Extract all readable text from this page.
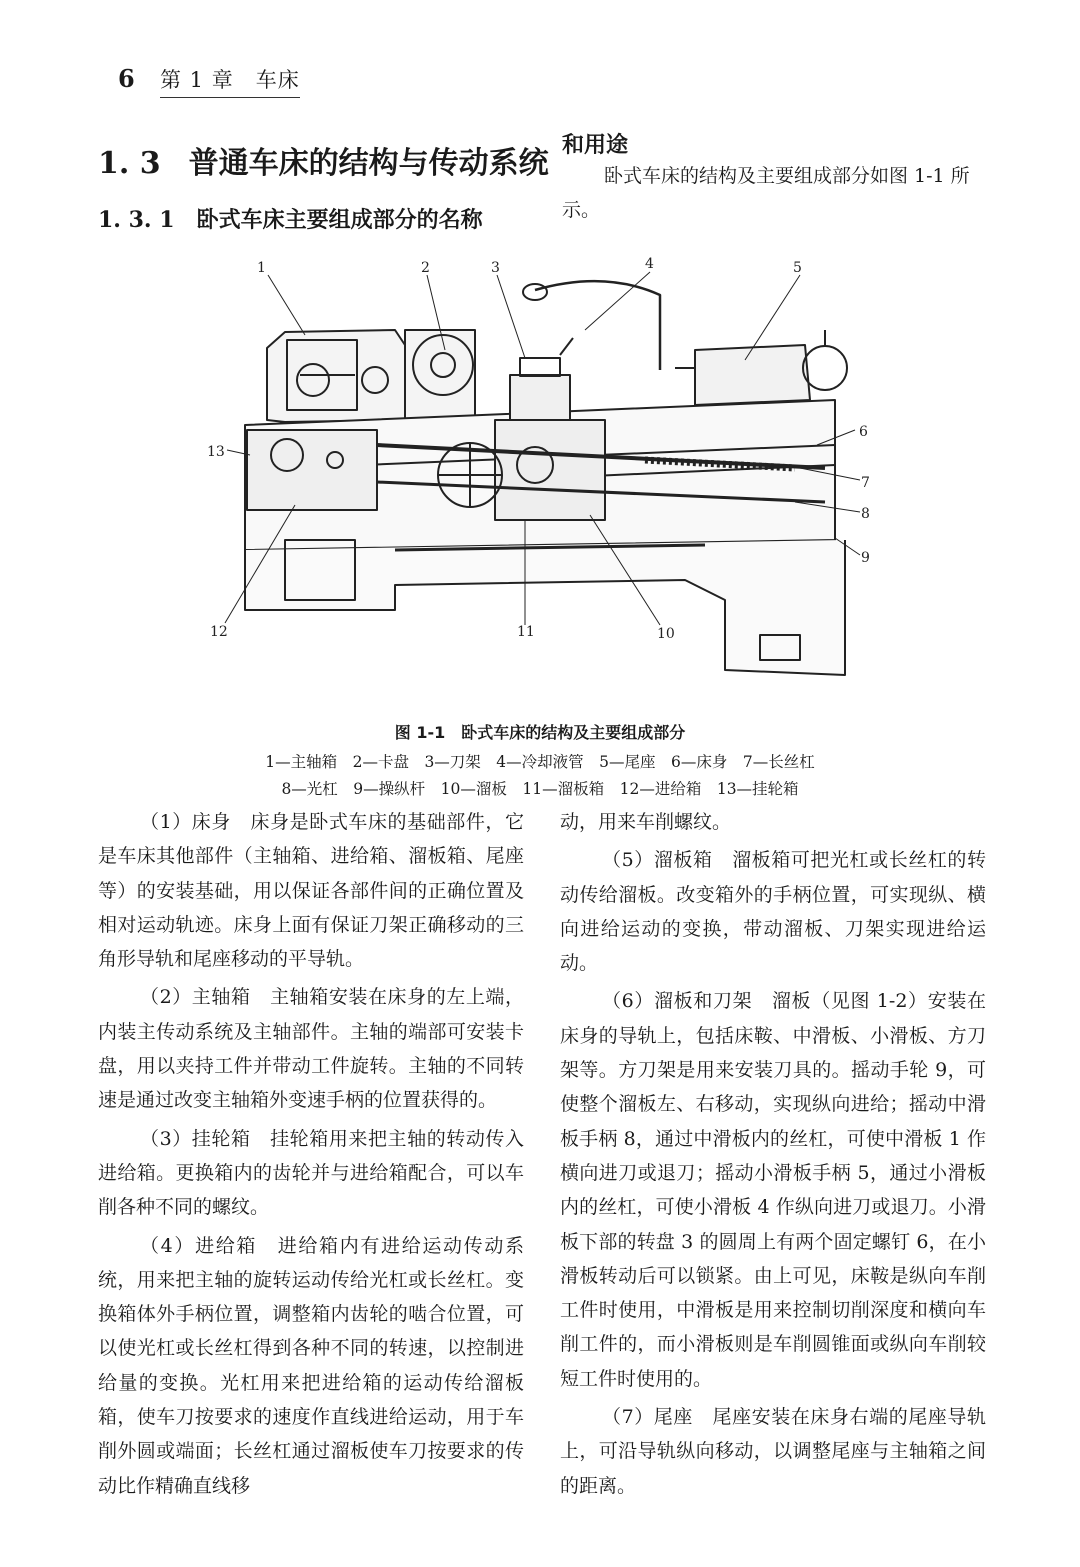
6 第 1 章　车床
1. 3 普通车床的结构与传动系统
1. 3. 1 卧式车床主要组成部分的名称
和用途

卧式车床的结构及主要组成部分如图 1-1 所示。

1	2	3	4	5
6
7
8
9
10
11
12
13
图 1-1　卧式车床的结构及主要组成部分
1—主轴箱　2—卡盘　3—刀架　4—冷却液管　5—尾座　6—床身　7—长丝杠
8—光杠　9—操纵杆　10—溜板　11—溜板箱　12—进给箱　13—挂轮箱

（1）床身　床身是卧式车床的基础部件，它是车床其他部件（主轴箱、进给箱、溜板箱、尾座等）的安装基础，用以保证各部件间的正确位置及相对运动轨迹。床身上面有保证刀架正确移动的三角形导轨和尾座移动的平导轨。

（2）主轴箱　主轴箱安装在床身的左上端，内装主传动系统及主轴部件。主轴的端部可安装卡盘，用以夹持工件并带动工件旋转。主轴的不同转速是通过改变主轴箱外变速手柄的位置获得的。

（3）挂轮箱　挂轮箱用来把主轴的转动传入进给箱。更换箱内的齿轮并与进给箱配合，可以车削各种不同的螺纹。

（4）进给箱　进给箱内有进给运动传动系统，用来把主轴的旋转运动传给光杠或长丝杠。变换箱体外手柄位置，调整箱内齿轮的啮合位置，可以使光杠或长丝杠得到各种不同的转速，以控制进给量的变换。光杠用来把进给箱的运动传给溜板箱，使车刀按要求的速度作直线进给运动，用于车削外圆或端面；长丝杠通过溜板使车刀按要求的传动比作精确直线移

动，用来车削螺纹。

（5）溜板箱　溜板箱可把光杠或长丝杠的转动传给溜板。改变箱外的手柄位置，可实现纵、横向进给运动的变换，带动溜板、刀架实现进给运动。

（6）溜板和刀架　溜板（见图 1-2）安装在床身的导轨上，包括床鞍、中滑板、小滑板、方刀架等。方刀架是用来安装刀具的。摇动手轮 9，可使整个溜板左、右移动，实现纵向进给；摇动中滑板手柄 8，通过中滑板内的丝杠，可使中滑板 1 作横向进刀或退刀；摇动小滑板手柄 5，通过小滑板内的丝杠，可使小滑板 4 作纵向进刀或退刀。小滑板下部的转盘 3 的圆周上有两个固定螺钉 6，在小滑板转动后可以锁紧。由上可见，床鞍是纵向车削工件时使用，中滑板是用来控制切削深度和横向车削工件的，而小滑板则是车削圆锥面或纵向车削较短工件时使用的。

（7）尾座　尾座安装在床身右端的尾座导轨上，可沿导轨纵向移动，以调整尾座与主轴箱之间的距离。
